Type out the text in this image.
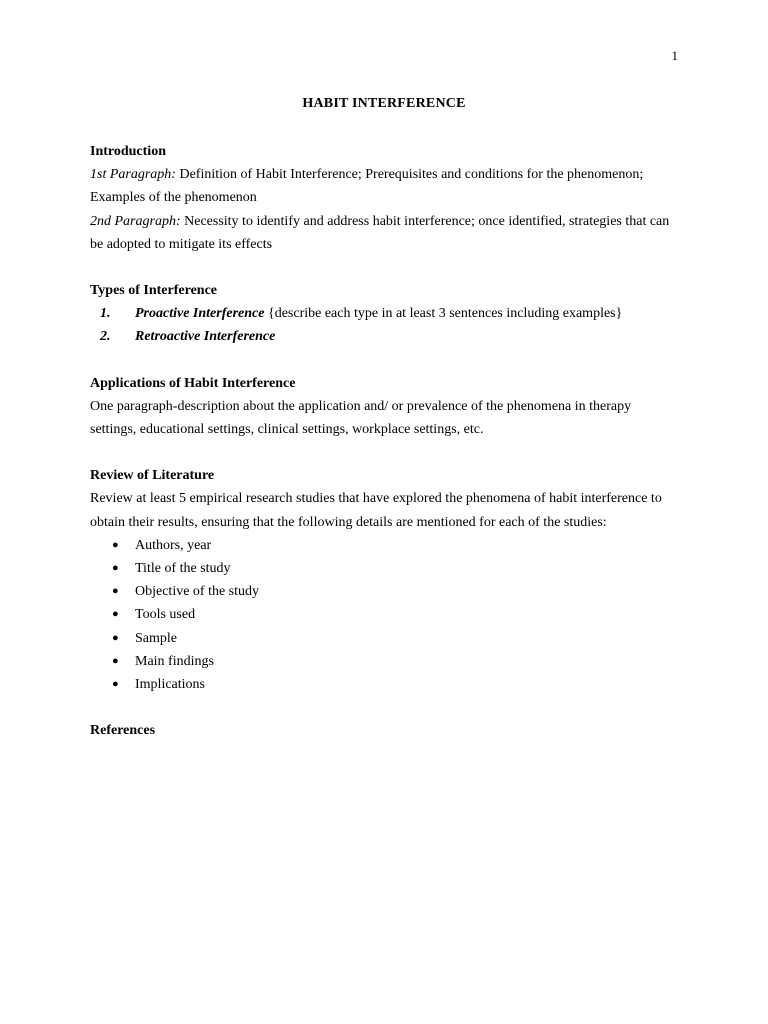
1
HABIT INTERFERENCE
Introduction
1st Paragraph: Definition of Habit Interference; Prerequisites and conditions for the phenomenon; Examples of the phenomenon
2nd Paragraph: Necessity to identify and address habit interference; once identified, strategies that can be adopted to mitigate its effects
Types of Interference
1.	Proactive Interference {describe each type in at least 3 sentences including examples}
2.	Retroactive Interference
Applications of Habit Interference
One paragraph-description about the application and/ or prevalence of the phenomena in therapy settings, educational settings, clinical settings, workplace settings, etc.
Review of Literature
Review at least 5 empirical research studies that have explored the phenomena of habit interference to obtain their results, ensuring that the following details are mentioned for each of the studies:
●	Authors, year
●	Title of the study
●	Objective of the study
●	Tools used
●	Sample
●	Main findings
●	Implications
References
